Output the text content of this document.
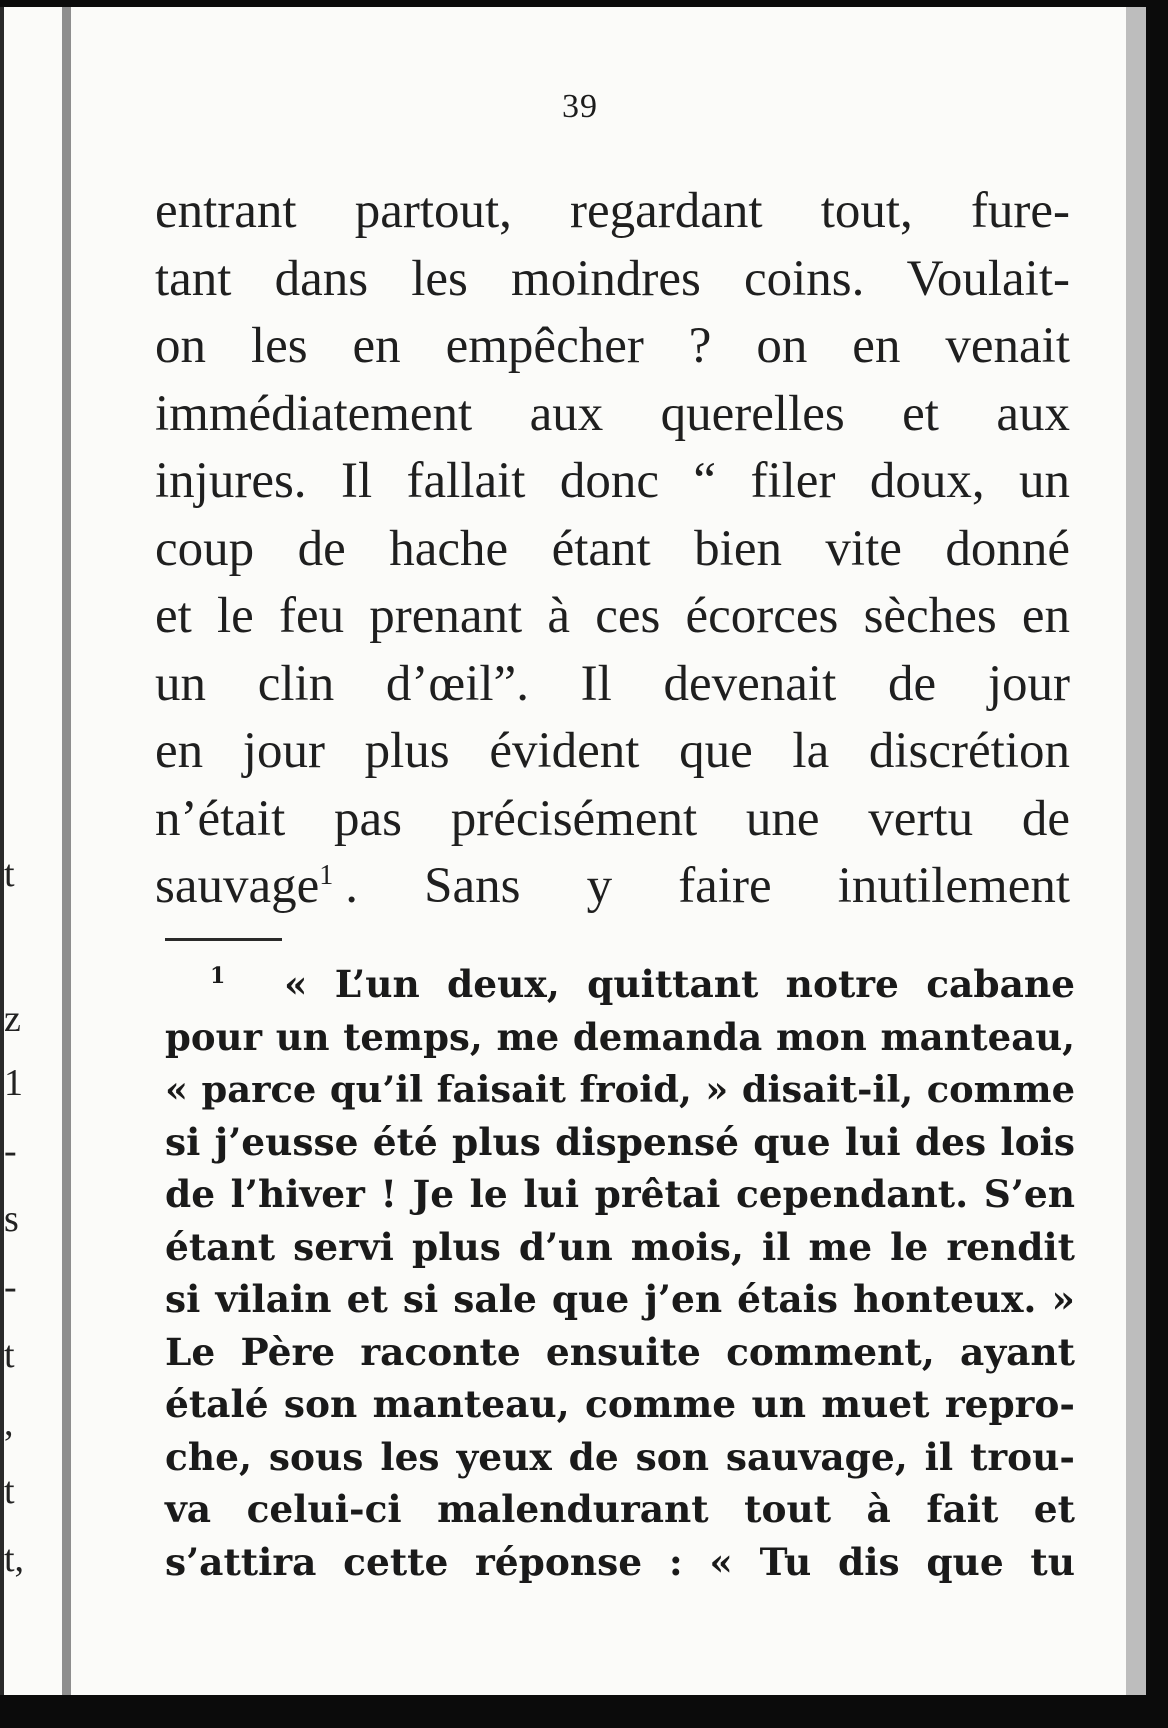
t
z
1
-
s
-
t
,
t
t,
39
entrant partout, regardant tout, fure-
tant dans les moindres coins. Voulait-
on les en empêcher ? on en venait
immédiatement aux querelles et aux
injures. Il fallait donc “ filer doux, un
coup de hache étant bien vite donné
et le feu prenant à ces écorces sèches en
un clin d’œil”. Il devenait de jour
en jour plus évident que la discrétion
n’était pas précisément une vertu de
sauvage$^1$ . Sans y faire inutilement
1	« L’un deux, quittant notre cabane
pour un temps, me demanda mon manteau,
« parce qu’il faisait froid, » disait-il, comme
si j’eusse été plus dispensé que lui des lois
de l’hiver ! Je le lui prêtai cependant. S’en
étant servi plus d’un mois, il me le rendit
si vilain et si sale que j’en étais honteux. »
Le Père raconte ensuite comment, ayant
étalé son manteau, comme un muet repro-
che, sous les yeux de son sauvage, il trou-
va celui-ci malendurant tout à fait et
s’attira cette réponse : « Tu dis que tu
